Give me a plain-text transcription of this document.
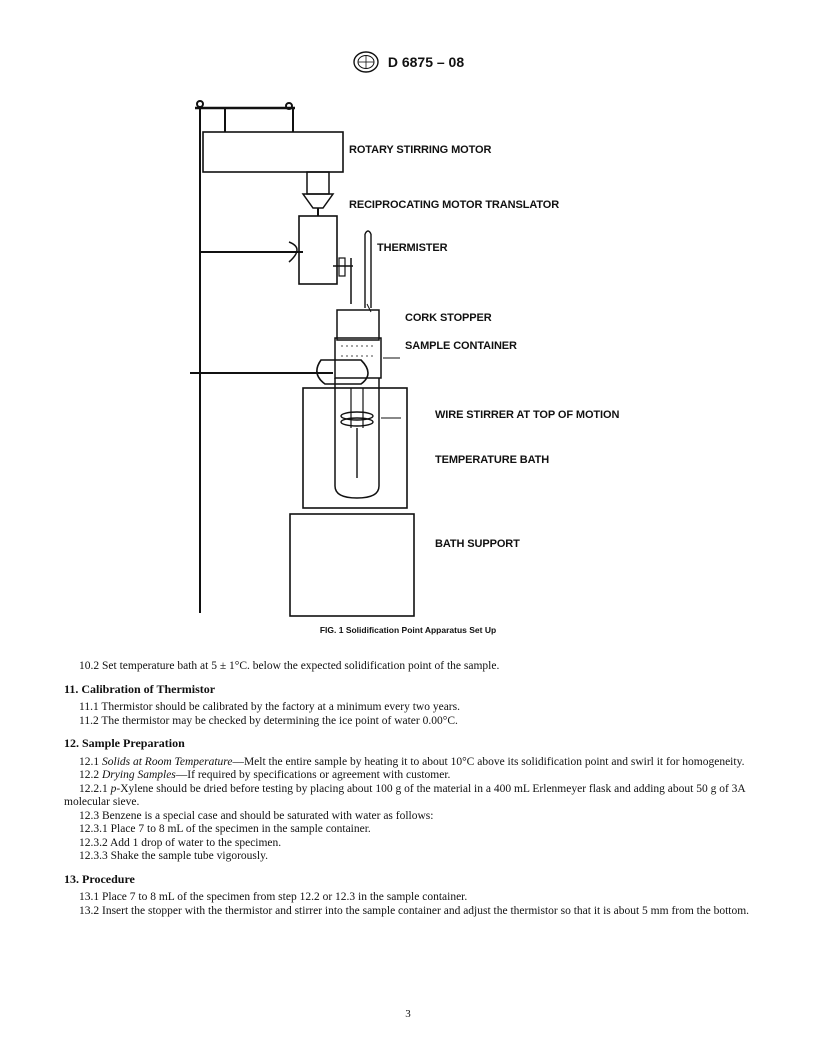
D 6875 – 08
ROTARY STIRRING MOTOR
RECIPROCATING MOTOR TRANSLATOR
THERMISTER
CORK STOPPER
SAMPLE CONTAINER
WIRE STIRRER AT TOP OF MOTION
TEMPERATURE BATH
BATH SUPPORT
FIG. 1 Solidification Point Apparatus Set Up

10.2 Set temperature bath at 5 ± 1°C. below the expected solidification point of the sample.

11. Calibration of Thermistor

11.1 Thermistor should be calibrated by the factory at a minimum every two years.

11.2 The thermistor may be checked by determining the ice point of water 0.00°C.

12. Sample Preparation

12.1 Solids at Room Temperature—Melt the entire sample by heating it to about 10°C above its solidification point and swirl it for homogeneity.

12.2 Drying Samples—If required by specifications or agreement with customer.

12.2.1 p-Xylene should be dried before testing by placing about 100 g of the material in a 400 mL Erlenmeyer flask and adding about 50 g of 3A molecular sieve.

12.3 Benzene is a special case and should be saturated with water as follows:

12.3.1 Place 7 to 8 mL of the specimen in the sample container.

12.3.2 Add 1 drop of water to the specimen.

12.3.3 Shake the sample tube vigorously.

13. Procedure

13.1 Place 7 to 8 mL of the specimen from step 12.2 or 12.3 in the sample container.

13.2 Insert the stopper with the thermistor and stirrer into the sample container and adjust the thermistor so that it is about 5 mm from the bottom.

3
